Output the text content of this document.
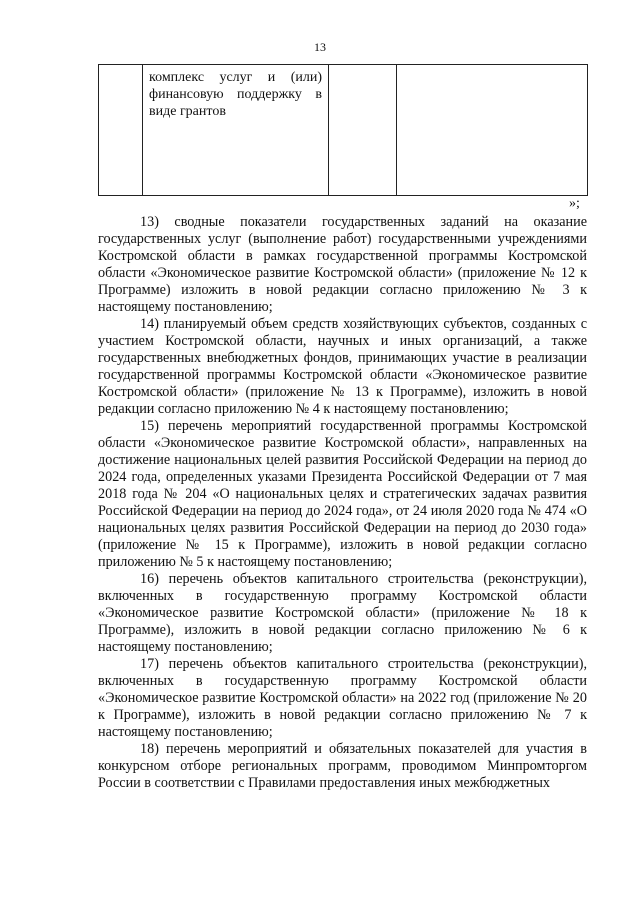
13

комплекс услуг и (или)
финансовую поддержку в
виде грантов

»;

13) сводные показатели государственных заданий на оказание государственных услуг (выполнение работ) государственными учреждениями Костромской области в рамках государственной программы Костромской области «Экономическое развитие Костромской области» (приложение № 12 к Программе) изложить в новой редакции согласно приложению № 3 к настоящему постановлению;

14) планируемый объем средств хозяйствующих субъектов, созданных с участием Костромской области, научных и иных организаций, а также государственных внебюджетных фондов, принимающих участие в реализации государственной программы Костромской области «Экономическое развитие Костромской области» (приложение № 13 к Программе), изложить в новой редакции согласно приложению № 4 к настоящему постановлению;

15) перечень мероприятий государственной программы Костромской области «Экономическое развитие Костромской области», направленных на достижение национальных целей развития Российской Федерации на период до 2024 года, определенных указами Президента Российской Федерации от 7 мая 2018 года № 204 «О национальных целях и стратегических задачах развития Российской Федерации на период до 2024 года», от 24 июля 2020 года № 474 «О национальных целях развития Российской Федерации на период до 2030 года» (приложение № 15 к Программе), изложить в новой редакции согласно приложению № 5 к настоящему постановлению;

16) перечень объектов капитального строительства (реконструкции), включенных в государственную программу Костромской области «Экономическое развитие Костромской области» (приложение № 18 к Программе), изложить в новой редакции согласно приложению № 6 к настоящему постановлению;

17) перечень объектов капитального строительства (реконструкции), включенных в государственную программу Костромской области «Экономическое развитие Костромской области» на 2022 год (приложение № 20 к Программе), изложить в новой редакции согласно приложению № 7 к настоящему постановлению;

18) перечень мероприятий и обязательных показателей для участия в конкурсном отборе региональных программ, проводимом Минпромторгом России в соответствии с Правилами предоставления иных межбюджетных
